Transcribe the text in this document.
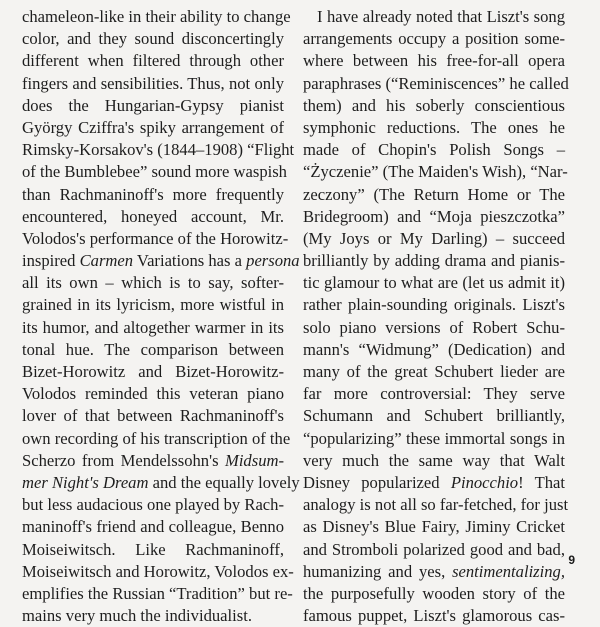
chameleon-like in their ability to change
color, and they sound disconcertingly
different when filtered through other
fingers and sensibilities. Thus, not only
does the Hungarian-Gypsy pianist
György Cziffra's spiky arrangement of
Rimsky-Korsakov's (1844–1908) “Flight
of the Bumblebee” sound more waspish
than Rachmaninoff's more frequently
encountered, honeyed account, Mr.
Volodos's performance of the Horowitz-
inspired Carmen Variations has a persona
all its own – which is to say, softer-
grained in its lyricism, more wistful in
its humor, and altogether warmer in its
tonal hue. The comparison between
Bizet-Horowitz and Bizet-Horowitz-
Volodos reminded this veteran piano
lover of that between Rachmaninoff's
own recording of his transcription of the
Scherzo from Mendelssohn's Midsum-
mer Night's Dream and the equally lovely
but less audacious one played by Rach-
maninoff's friend and colleague, Benno
Moiseiwitsch. Like Rachmaninoff,
Moiseiwitsch and Horowitz, Volodos ex-
emplifies the Russian “Tradition” but re-
mains very much the individualist.
I have already noted that Liszt's song
arrangements occupy a position some-
where between his free-for-all opera
paraphrases (“Reminiscences” he called
them) and his soberly conscientious
symphonic reductions. The ones he
made of Chopin's Polish Songs –
“Życzenie” (The Maiden's Wish), “Nar-
zeczony” (The Return Home or The
Bridegroom) and “Moja pieszczotka”
(My Joys or My Darling) – succeed
brilliantly by adding drama and pianis-
tic glamour to what are (let us admit it)
rather plain-sounding originals. Liszt's
solo piano versions of Robert Schu-
mann's “Widmung” (Dedication) and
many of the great Schubert lieder are
far more controversial: They serve
Schumann and Schubert brilliantly,
“popularizing” these immortal songs in
very much the same way that Walt
Disney popularized Pinocchio! That
analogy is not all so far-fetched, for just
as Disney's Blue Fairy, Jiminy Cricket
and Stromboli polarized good and bad,
humanizing and yes, sentimentalizing,
the purposefully wooden story of the
famous puppet, Liszt's glamorous cas-
9
